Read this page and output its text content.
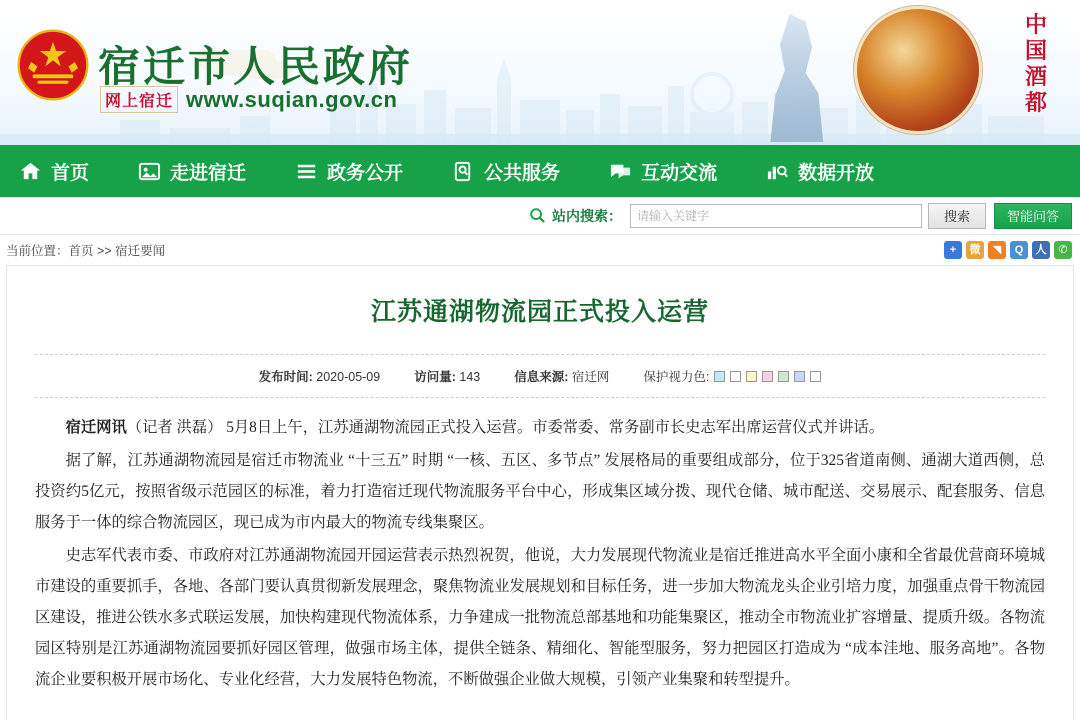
宿迁市人民政府
网上宿迁 www.suqian.gov.cn
中
国
酒
都
首页	走进宿迁	政务公开	公共服务	互动交流	数据开放
站内搜索：
请输入关键字	搜索	智能问答
当前位置：首页 >> 宿迁要闻	+	微	◥	Q	人	✆
江苏通湖物流园正式投入运营
发布时间: 2020-05-09	访问量: 143	信息来源: 宿迁网	保护视力色:

宿迁网讯（记者 洪磊） 5月8日上午，江苏通湖物流园正式投入运营。市委常委、常务副市长史志军出席运营仪式并讲话。

据了解，江苏通湖物流园是宿迁市物流业 “十三五” 时期 “一核、五区、多节点” 发展格局的重要组成部分，位于325省道南侧、通湖大道西侧，总投资约5亿元，按照省级示范园区的标准，着力打造宿迁现代物流服务平台中心，形成集区域分拨、现代仓储、城市配送、交易展示、配套服务、信息服务于一体的综合物流园区，现已成为市内最大的物流专线集聚区。

史志军代表市委、市政府对江苏通湖物流园开园运营表示热烈祝贺，他说，大力发展现代物流业是宿迁推进高水平全面小康和全省最优营商环境城市建设的重要抓手，各地、各部门要认真贯彻新发展理念，聚焦物流业发展规划和目标任务，进一步加大物流龙头企业引培力度，加强重点骨干物流园区建设，推进公铁水多式联运发展，加快构建现代物流体系，力争建成一批物流总部基地和功能集聚区，推动全市物流业扩容增量、提质升级。各物流园区特别是江苏通湖物流园要抓好园区管理，做强市场主体，提供全链条、精细化、智能型服务，努力把园区打造成为 “成本洼地、服务高地”。各物流企业要积极开展市场化、专业化经营，大力发展特色物流，不断做强企业做大规模，引领产业集聚和转型提升。
